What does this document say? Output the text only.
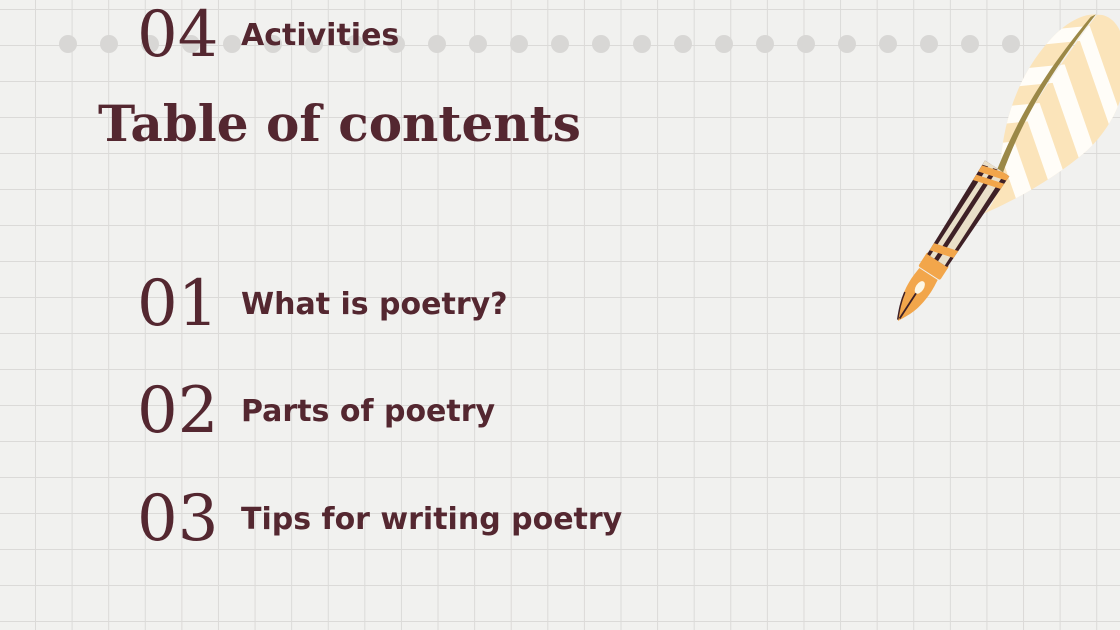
Table of contents
01 What is poetry?
02 Parts of poetry
03 Tips for writing poetry
04 Activities
